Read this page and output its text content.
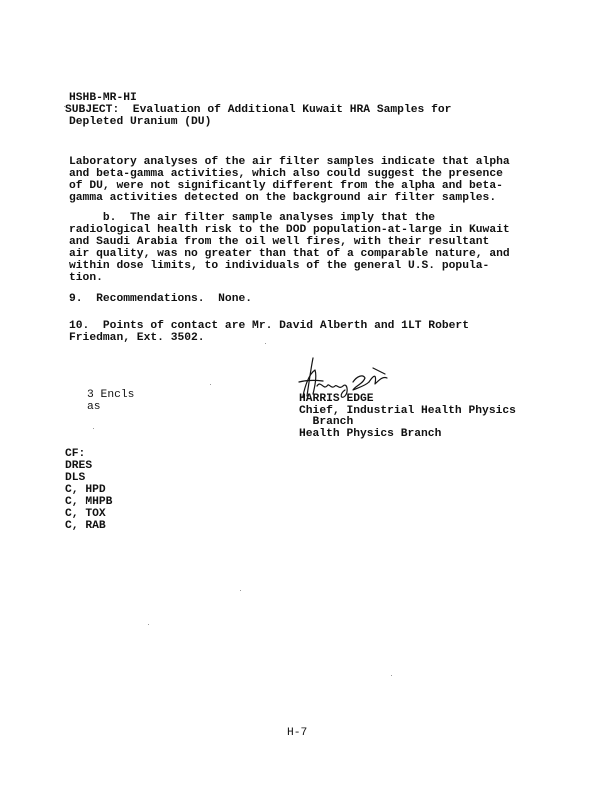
HSHB-MR-HI
SUBJECT:  Evaluation of Additional Kuwait HRA Samples for
Depleted Uranium (DU)
Laboratory analyses of the air filter samples indicate that alpha
and beta-gamma activities, which also could suggest the presence
of DU, were not significantly different from the alpha and beta-
gamma activities detected on the background air filter samples.
b.  The air filter sample analyses imply that the
radiological health risk to the DOD population-at-large in Kuwait
and Saudi Arabia from the oil well fires, with their resultant
air quality, was no greater than that of a comparable nature, and
within dose limits, to individuals of the general U.S. popula-
tion.
9.  Recommendations.  None.
10.  Points of contact are Mr. David Alberth and 1LT Robert
Friedman, Ext. 3502.
3 Encls
as
HARRIS EDGE
Chief, Industrial Health Physics
Branch
Health Physics Branch
CF:
DRES
DLS
C, HPD
C, MHPB
C, TOX
C, RAB
H-7
